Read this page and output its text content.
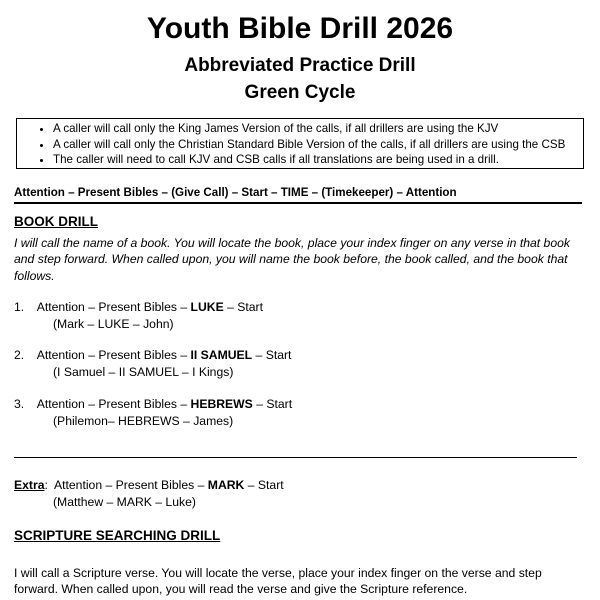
Youth Bible Drill 2026
Abbreviated Practice Drill
Green Cycle
• A caller will call only the King James Version of the calls, if all drillers are using the KJV
• A caller will call only the Christian Standard Bible Version of the calls, if all drillers are using the CSB
• The caller will need to call KJV and CSB calls if all translations are being used in a drill.
Attention – Present Bibles – (Give Call) – Start – TIME – (Timekeeper) – Attention
BOOK DRILL
I will call the name of a book. You will locate the book, place your index finger on any verse in that book and step forward. When called upon, you will name the book before, the book called, and the book that follows.
1. Attention – Present Bibles – LUKE – Start
(Mark – LUKE – John)
2. Attention – Present Bibles – II SAMUEL – Start
(I Samuel – II SAMUEL – I Kings)
3. Attention – Present Bibles – HEBREWS – Start
(Philemon– HEBREWS – James)
Extra: Attention – Present Bibles – MARK – Start
(Matthew – MARK – Luke)
SCRIPTURE SEARCHING DRILL
I will call a Scripture verse. You will locate the verse, place your index finger on the verse and step forward. When called upon, you will read the verse and give the Scripture reference.
